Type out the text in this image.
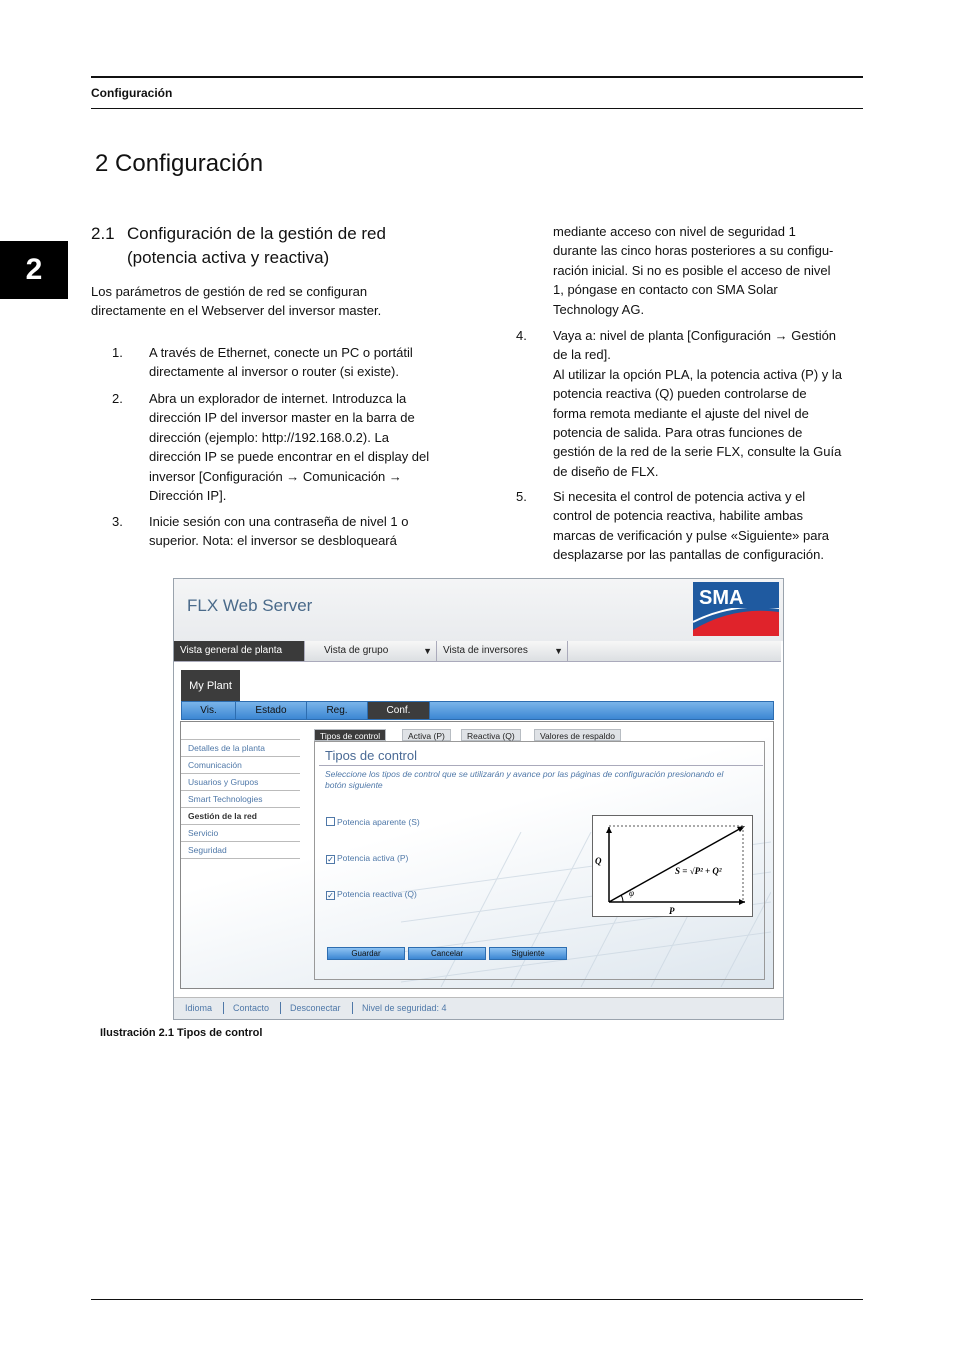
Configuración
2
2 Configuración
2.1 Configuración de la gestión de red (potencia activa y reactiva)
Los parámetros de gestión de red se configuran directamente en el Webserver del inversor master.
1. A través de Ethernet, conecte un PC o portátil
directamente al inversor o router (si existe).
2. Abra un explorador de internet. Introduzca la
dirección IP del inversor master en la barra de
dirección (ejemplo: http://192.168.0.2). La
dirección IP se puede encontrar en el display del
inversor [Configuración → Comunicación →
Dirección IP].
3. Inicie sesión con una contraseña de nivel 1 o
superior. Nota: el inversor se desbloqueará
mediante acceso con nivel de seguridad 1
durante las cinco horas posteriores a su configu-
ración inicial. Si no es posible el acceso de nivel
1, póngase en contacto con SMA Solar
Technology AG.
4. Vaya a: nivel de planta [Configuración → Gestión
de la red].
Al utilizar la opción PLA, la potencia activa (P) y la
potencia reactiva (Q) pueden controlarse de
forma remota mediante el ajuste del nivel de
potencia de salida. Para otras funciones de
gestión de la red de la serie FLX, consulte la Guía
de diseño de FLX.
5. Si necesita el control de potencia activa y el
control de potencia reactiva, habilite ambas
marcas de verificación y pulse «Siguiente» para
desplazarse por las pantallas de configuración.
FLX Web Server	SMA
Vista general de planta	Vista de grupo	▼	Vista de inversores	▼
My Plant
Vis.	Estado	Reg.	Conf.
Detalles de la planta
Comunicación
Usuarios y Grupos
Smart Technologies
Gestión de la red
Servicio
Seguridad
Tipos de control	Activa (P)	Reactiva (Q)	Valores de respaldo
Tipos de control
Seleccione los tipos de control que se utilizarán y avance por las páginas de configuración presionando el botón siguiente
Potencia aparente (S)
✓ Potencia activa (P)
✓ Potencia reactiva (Q)
Q
P
φ
S = √P² + Q²
Guardar	Cancelar	Siguiente
Idioma Contacto Desconectar Nivel de seguridad: 4
Ilustración 2.1 Tipos de control
